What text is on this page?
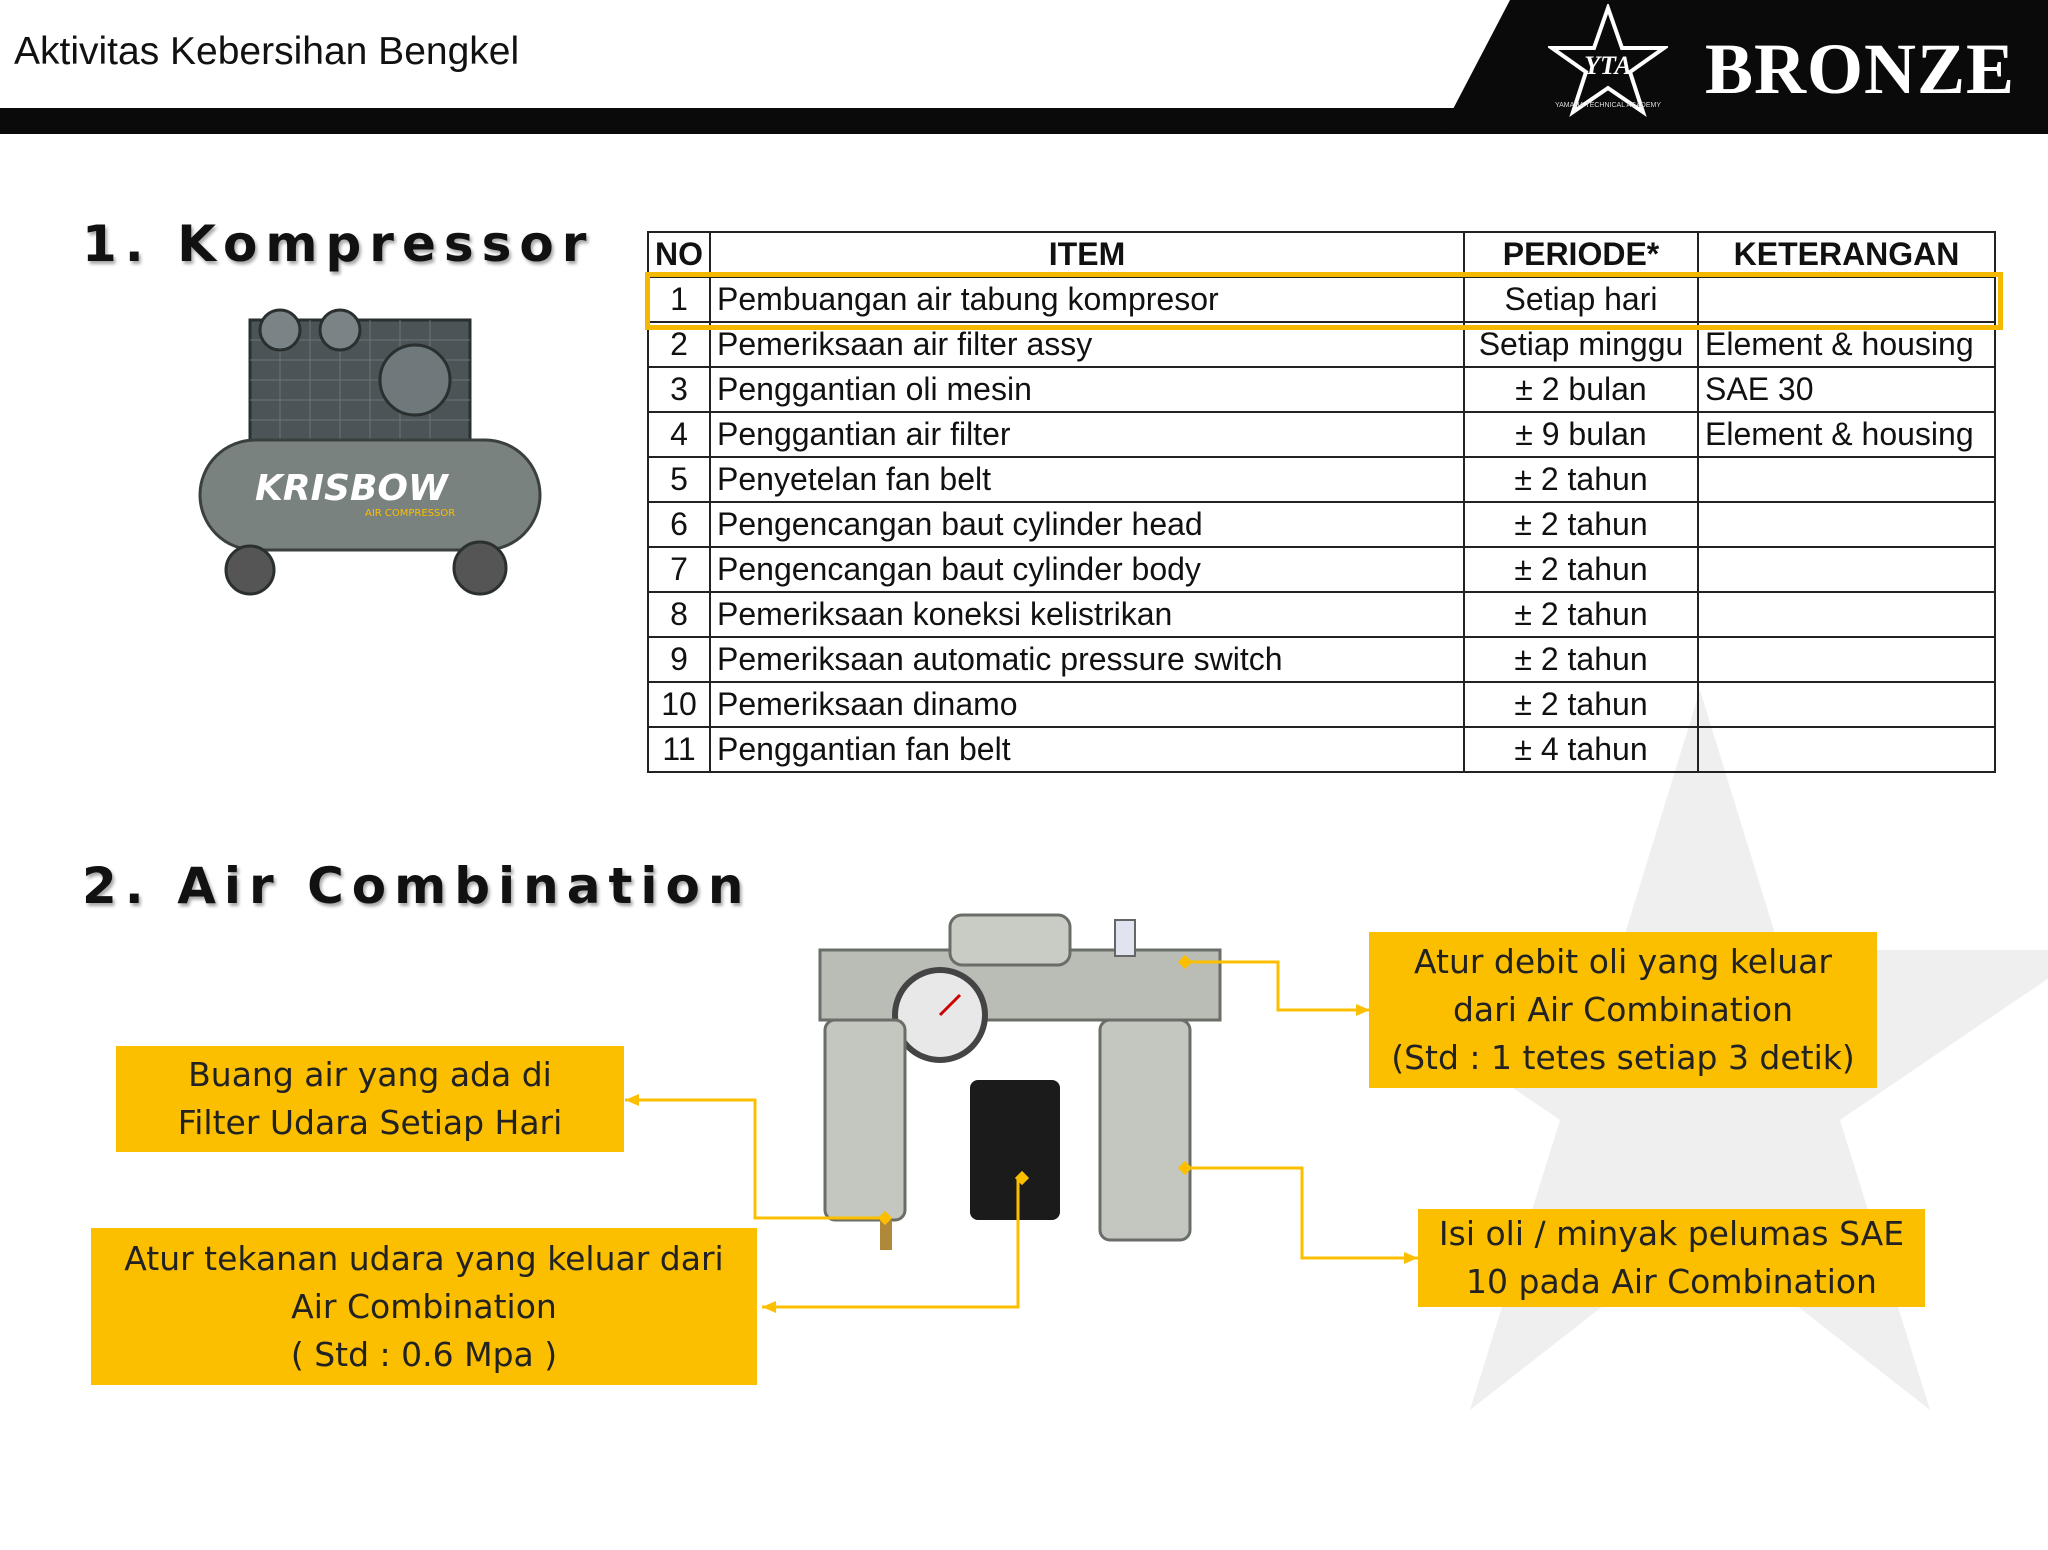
Aktivitas Kebersihan Bengkel	YTA
YAMAHA TECHNICAL ACADEMY BRONZE
1. Kompressor
KRISBOW
AIR COMPRESSOR
NO	ITEM	PERIODE*	KETERANGAN
1	Pembuangan air tabung kompresor	Setiap hari	
2	Pemeriksaan air filter assy	Setiap minggu	Element & housing
3	Penggantian oli mesin	± 2 bulan	SAE 30
4	Penggantian air filter	± 9 bulan	Element & housing
5	Penyetelan fan belt	± 2 tahun	
6	Pengencangan baut cylinder head	± 2 tahun	
7	Pengencangan baut cylinder body	± 2 tahun	
8	Pemeriksaan koneksi kelistrikan	± 2 tahun	
9	Pemeriksaan automatic pressure switch	± 2 tahun	
10	Pemeriksaan dinamo	± 2 tahun	
11	Penggantian fan belt	± 4 tahun	
2. Air Combination
Buang air yang ada di
Filter Udara Setiap Hari
Atur tekanan udara yang keluar dari
Air Combination
( Std : 0.6 Mpa )
Atur debit oli yang keluar
dari Air Combination
(Std : 1 tetes setiap 3 detik)
Isi oli / minyak pelumas SAE
10 pada Air Combination
